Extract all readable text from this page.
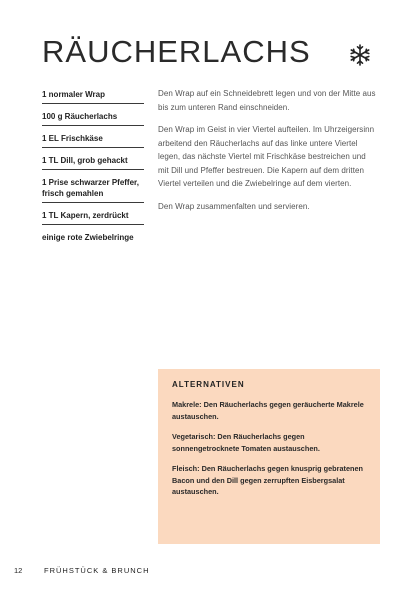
RÄUCHERLACHS
1 normaler Wrap
100 g Räucherlachs
1 EL Frischkäse
1 TL Dill, grob gehackt
1 Prise schwarzer Pfeffer, frisch gemahlen
1 TL Kapern, zerdrückt
einige rote Zwiebelringe

Den Wrap auf ein Schneidebrett legen und von der Mitte aus bis zum unteren Rand einschneiden.

Den Wrap im Geist in vier Viertel aufteilen. Im Uhrzeigersinn arbeitend den Räucherlachs auf das linke untere Viertel legen, das nächste Viertel mit Frischkäse bestreichen und mit Dill und Pfeffer bestreuen. Die Kapern auf dem dritten Viertel verteilen und die Zwiebelringe auf dem vierten.

Den Wrap zusammenfalten und servieren.

ALTERNATIVEN

Makrele: Den Räucherlachs gegen geräucherte Makrele austauschen.

Vegetarisch: Den Räucherlachs gegen sonnengetrocknete Tomaten austauschen.

Fleisch: Den Räucherlachs gegen knusprig gebratenen Bacon und den Dill gegen zerrupften Eisbergsalat austauschen.

12	FRÜHSTÜCK & BRUNCH
